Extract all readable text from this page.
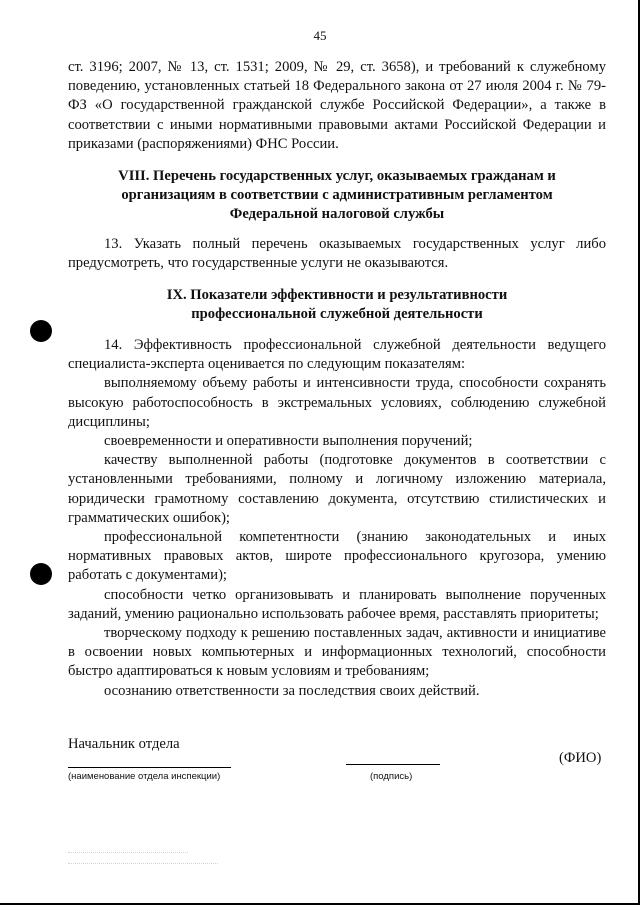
45

ст. 3196; 2007, № 13, ст. 1531; 2009, № 29, ст. 3658), и требований к служебному поведению, установленных статьей 18 Федерального закона от 27 июля 2004 г. № 79-ФЗ «О государственной гражданской службе Российской Федерации», а также в соответствии с иными нормативными правовыми актами Российской Федерации и приказами (распоряжениями) ФНС России.

VIII. Перечень государственных услуг, оказываемых гражданам и
организациям в соответствии с административным регламентом
Федеральной налоговой службы

13. Указать полный перечень оказываемых государственных услуг либо предусмотреть, что государственные услуги не оказываются.

IX. Показатели эффективности и результативности
профессиональной служебной деятельности

14. Эффективность профессиональной служебной деятельности ведущего специалиста-эксперта оценивается по следующим показателям:

выполняемому объему работы и интенсивности труда, способности сохранять высокую работоспособность в экстремальных условиях, соблюдению служебной дисциплины;

своевременности и оперативности выполнения поручений;

качеству выполненной работы (подготовке документов в соответствии с установленными требованиями, полному и логичному изложению материала, юридически грамотному составлению документа, отсутствию стилистических и грамматических ошибок);

профессиональной компетентности (знанию законодательных и иных нормативных правовых актов, широте профессионального кругозора, умению работать с документами);

способности четко организовывать и планировать выполнение порученных заданий, умению рационально использовать рабочее время, расставлять приоритеты;

творческому подходу к решению поставленных задач, активности и инициативе в освоении новых компьютерных и информационных технологий, способности быстро адаптироваться к новым условиям и требованиям;

осознанию ответственности за последствия своих действий.

Начальник отдела
(наименование отдела инспекции)	(подпись)
(ФИО)
